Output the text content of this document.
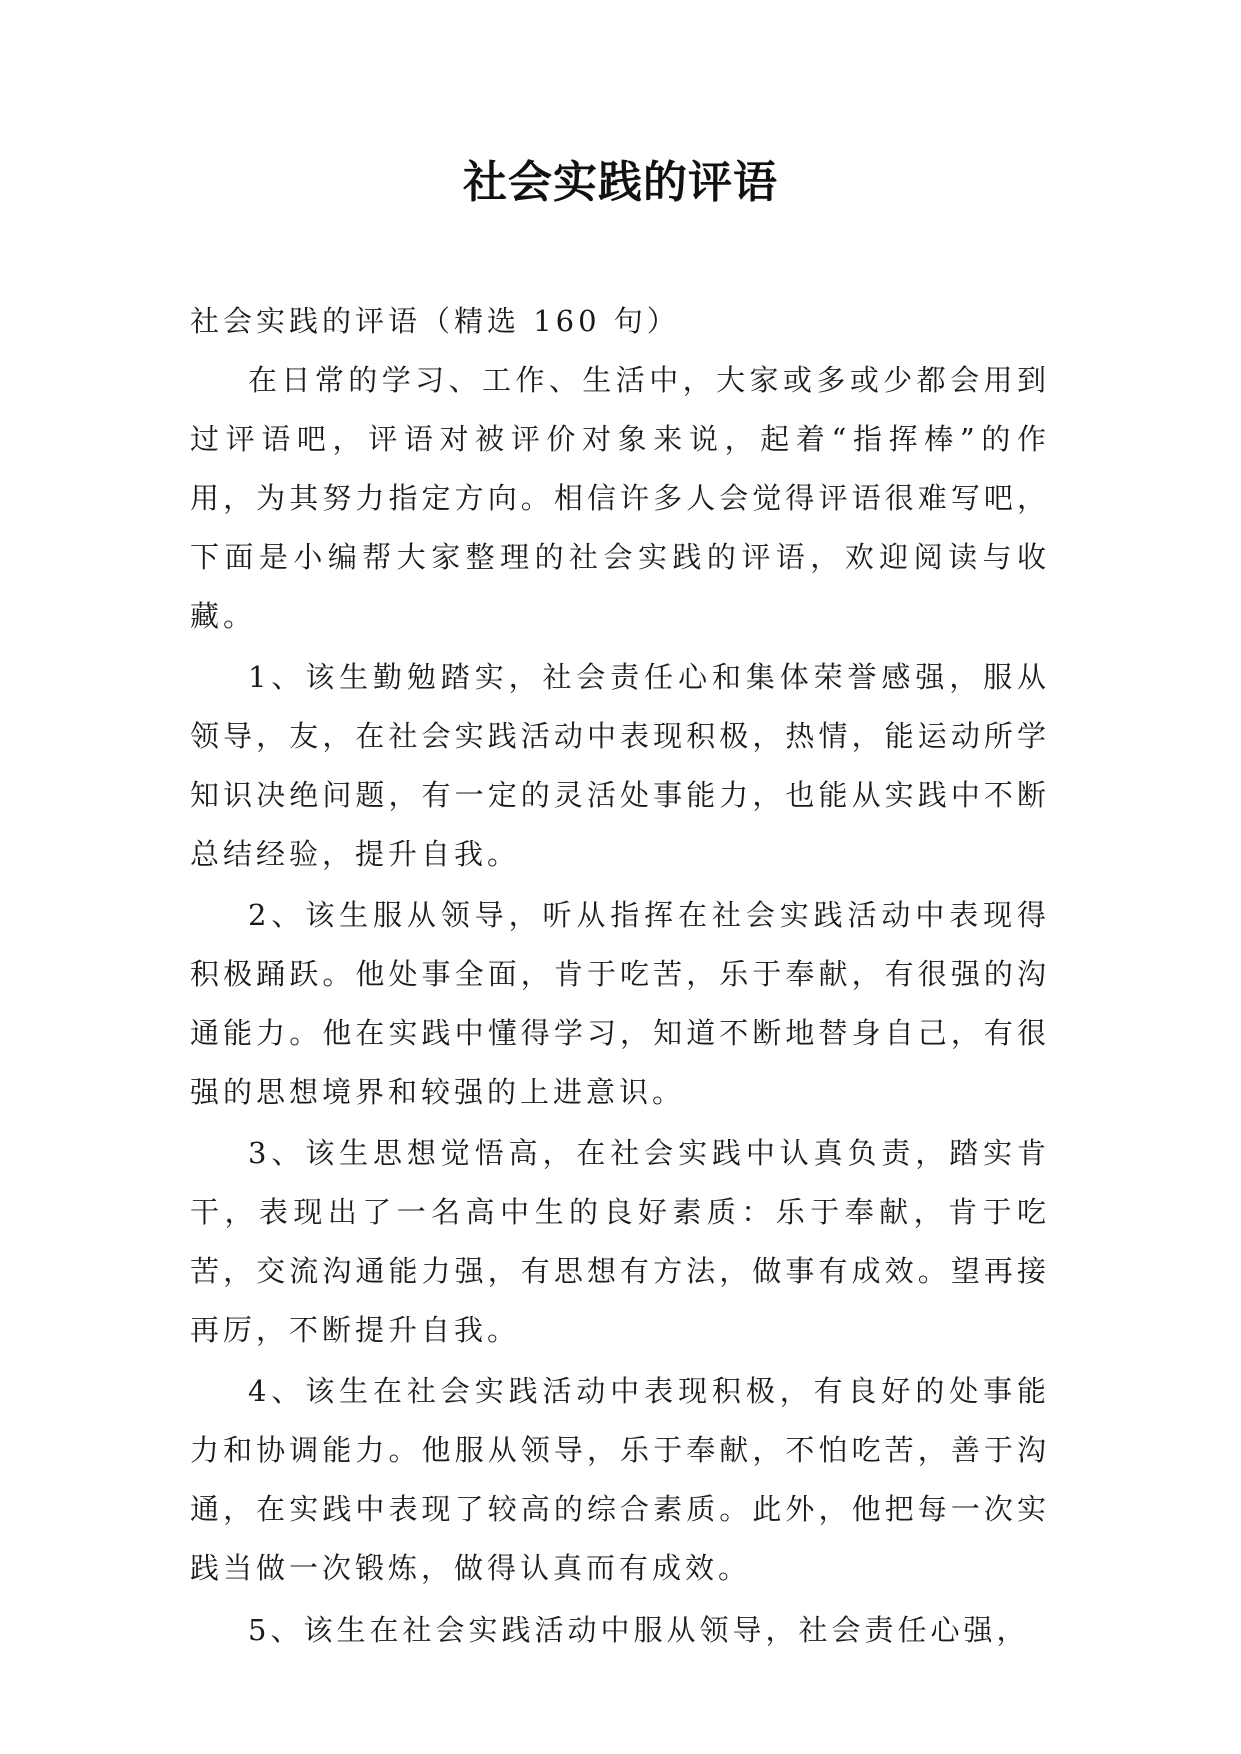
社会实践的评语

社会实践的评语（精选 160 句）

在日常的学习、工作、生活中，大家或多或少都会用到过评语吧，评语对被评价对象来说，起着“指挥棒”的作用，为其努力指定方向。相信许多人会觉得评语很难写吧，下面是小编帮大家整理的社会实践的评语，欢迎阅读与收藏。

1、该生勤勉踏实，社会责任心和集体荣誉感强，服从领导，友，在社会实践活动中表现积极，热情，能运动所学知识决绝问题，有一定的灵活处事能力，也能从实践中不断总结经验，提升自我。

2、该生服从领导，听从指挥在社会实践活动中表现得积极踊跃。他处事全面，肯于吃苦，乐于奉献，有很强的沟通能力。他在实践中懂得学习，知道不断地替身自己，有很强的思想境界和较强的上进意识。

3、该生思想觉悟高，在社会实践中认真负责，踏实肯干，表现出了一名高中生的良好素质：乐于奉献，肯于吃苦，交流沟通能力强，有思想有方法，做事有成效。望再接再厉，不断提升自我。

4、该生在社会实践活动中表现积极，有良好的处事能力和协调能力。他服从领导，乐于奉献，不怕吃苦，善于沟通，在实践中表现了较高的综合素质。此外，他把每一次实践当做一次锻炼，做得认真而有成效。

5、该生在社会实践活动中服从领导，社会责任心强，
